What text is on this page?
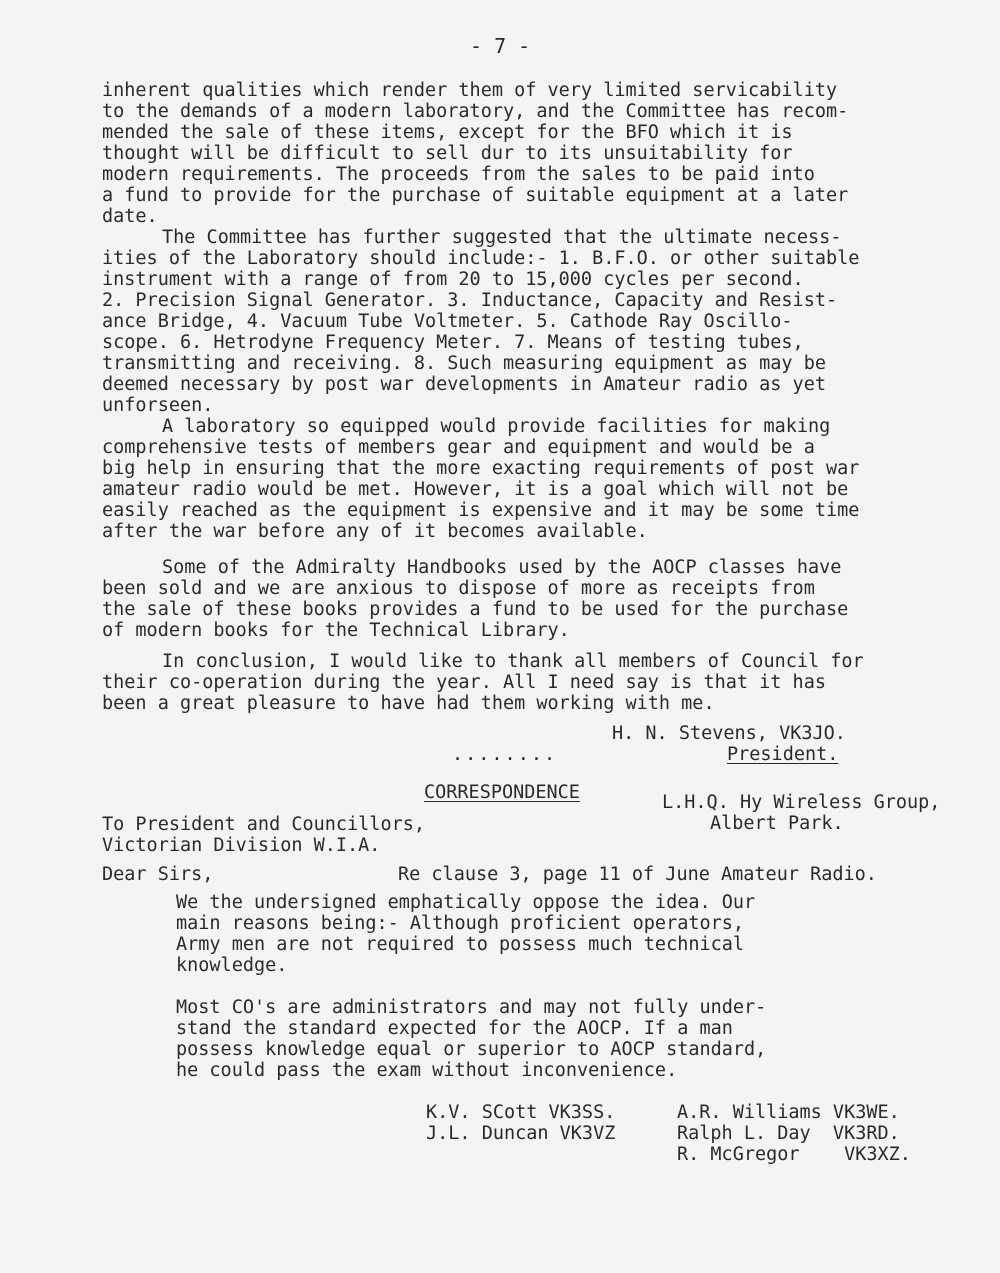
- 7 -
inherent qualities which render them of very limited servicability
to the demands of a modern laboratory, and the Committee has recom-
mended the sale of these items, except for the BFO which it is
thought will be difficult to sell dur to its unsuitability for
modern requirements. The proceeds from the sales to be paid into
a fund to provide for the purchase of suitable equipment at a later
date.
The Committee has further suggested that the ultimate necess-
ities of the Laboratory should include:- 1. B.F.O. or other suitable
instrument with a range of from 20 to 15,000 cycles per second.
2. Precision Signal Generator. 3. Inductance, Capacity and Resist-
ance Bridge, 4. Vacuum Tube Voltmeter. 5. Cathode Ray Oscillo-
scope. 6. Hetrodyne Frequency Meter. 7. Means of testing tubes,
transmitting and receiving. 8. Such measuring equipment as may be
deemed necessary by post war developments in Amateur radio as yet
unforseen.
A laboratory so equipped would provide facilities for making
comprehensive tests of members gear and equipment and would be a
big help in ensuring that the more exacting requirements of post war
amateur radio would be met. However, it is a goal which will not be
easily reached as the equipment is expensive and it may be some time
after the war before any of it becomes available.
Some of the Admiralty Handbooks used by the AOCP classes have
been sold and we are anxious to dispose of more as receipts from
the sale of these books provides a fund to be used for the purchase
of modern books for the Technical Library.
In conclusion, I would like to thank all members of Council for
their co-operation during the year. All I need say is that it has
been a great pleasure to have had them working with me.
H. N. Stevens, VK3JO.
President.
........
CORRESPONDENCE	L.H.Q. Hy Wireless Group,
Albert Park.
To President and Councillors,
Victorian Division W.I.A.
Dear Sirs,	Re clause 3, page 11 of June Amateur Radio.
We the undersigned emphatically oppose the idea. Our
main reasons being:- Although proficient operators,
Army men are not required to possess much technical
knowledge.
Most CO's are administrators and may not fully under-
stand the standard expected for the AOCP. If a man
possess knowledge equal or superior to AOCP standard,
he could pass the exam without inconvenience.
K.V. SCott VK3SS.
J.L. Duncan VK3VZ
A.R. Williams VK3WE.
Ralph L. Day  VK3RD.
R. McGregor    VK3XZ.
